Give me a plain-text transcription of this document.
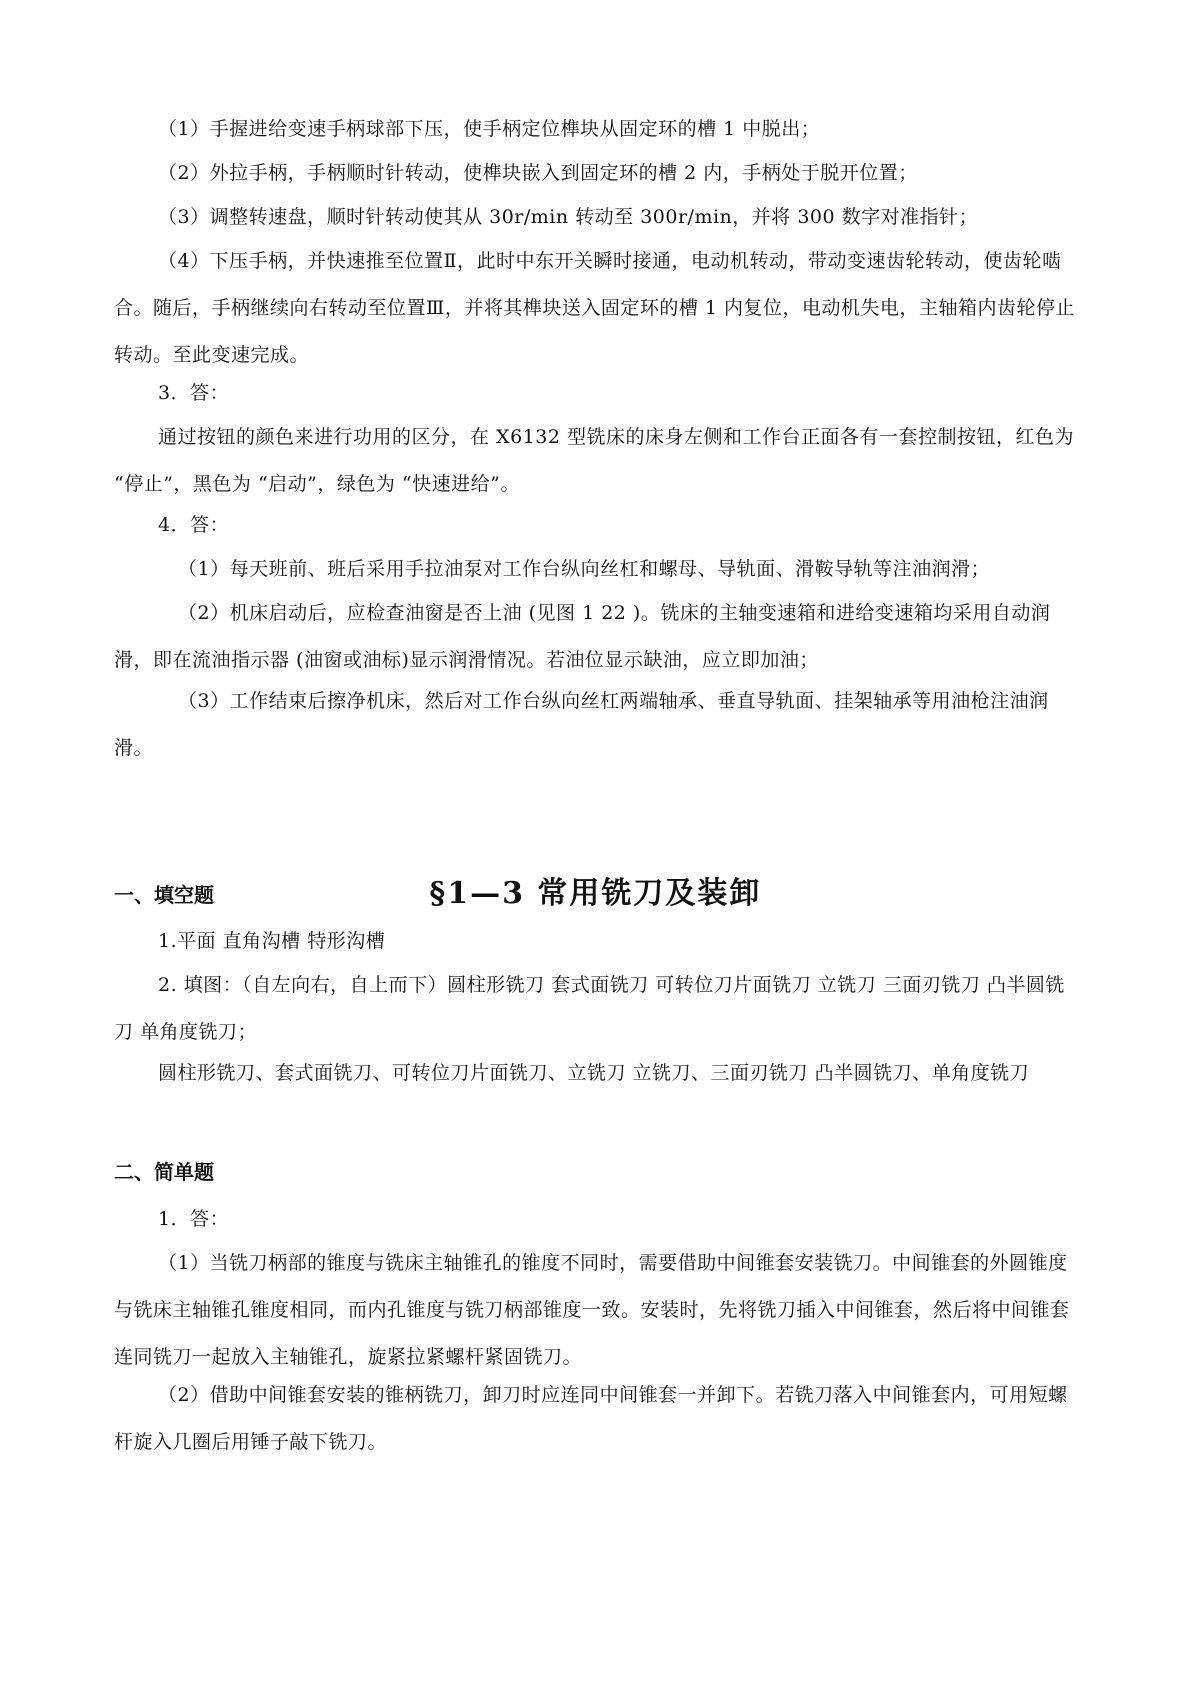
（1）手握进给变速手柄球部下压，使手柄定位榫块从固定环的槽 1 中脱出；
（2）外拉手柄，手柄顺时针转动，使榫块嵌入到固定环的槽 2 内，手柄处于脱开位置；
（3）调整转速盘，顺时针转动使其从 30r/min 转动至 300r/min，并将 300 数字对准指针；
（4）下压手柄，并快速推至位置Ⅱ，此时中东开关瞬时接通，电动机转动，带动变速齿轮转动，使齿轮啮合。随后，手柄继续向右转动至位置Ⅲ，并将其榫块送入固定环的槽 1 内复位，电动机失电，主轴箱内齿轮停止转动。至此变速完成。
3．答：
通过按钮的颜色来进行功用的区分，在 X6132 型铣床的床身左侧和工作台正面各有一套控制按钮，红色为 “停止”，黑色为 “启动”，绿色为 “快速进给”。
4．答：
（1）每天班前、班后采用手拉油泵对工作台纵向丝杠和螺母、导轨面、滑鞍导轨等注油润滑；
（2）机床启动后，应检查油窗是否上油 (见图 1 22 )。铣床的主轴变速箱和进给变速箱均采用自动润滑，即在流油指示器 (油窗或油标)显示润滑情况。若油位显示缺油，应立即加油；
（3）工作结束后擦净机床，然后对工作台纵向丝杠两端轴承、垂直导轨面、挂架轴承等用油枪注油润滑。
§1—3 常用铣刀及装卸
一、填空题
1.平面 直角沟槽 特形沟槽
2. 填图：（自左向右，自上而下）圆柱形铣刀 套式面铣刀 可转位刀片面铣刀 立铣刀 三面刃铣刀 凸半圆铣刀 单角度铣刀；
圆柱形铣刀、套式面铣刀、可转位刀片面铣刀、立铣刀 立铣刀、三面刃铣刀 凸半圆铣刀、单角度铣刀
二、简单题
1．答：
（1）当铣刀柄部的锥度与铣床主轴锥孔的锥度不同时，需要借助中间锥套安装铣刀。中间锥套的外圆锥度与铣床主轴锥孔锥度相同，而内孔锥度与铣刀柄部锥度一致。安装时，先将铣刀插入中间锥套，然后将中间锥套连同铣刀一起放入主轴锥孔，旋紧拉紧螺杆紧固铣刀。
（2）借助中间锥套安装的锥柄铣刀，卸刀时应连同中间锥套一并卸下。若铣刀落入中间锥套内，可用短螺杆旋入几圈后用锤子敲下铣刀。
